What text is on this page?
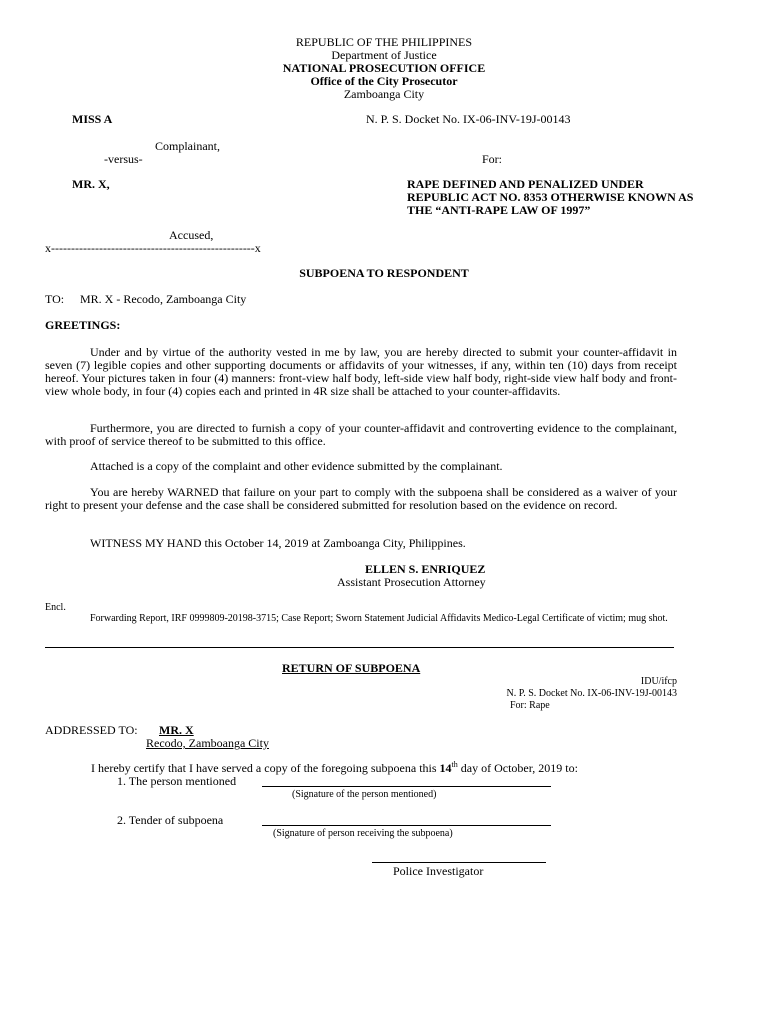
REPUBLIC OF THE PHILIPPINES
Department of Justice
NATIONAL PROSECUTION OFFICE
Office of the City Prosecutor
Zamboanga City
MISS A	N. P. S. Docket No. IX-06-INV-19J-00143
Complainant,
-versus-	For:
MR. X,	RAPE DEFINED AND PENALIZED UNDER REPUBLIC ACT NO. 8353 OTHERWISE KNOWN AS THE “ANTI-RAPE LAW OF 1997”
Accused,
x---------------------------------------------------x
SUBPOENA TO RESPONDENT
TO: MR. X - Recodo, Zamboanga City
GREETINGS:
Under and by virtue of the authority vested in me by law, you are hereby directed to submit your counter-affidavit in seven (7) legible copies and other supporting documents or affidavits of your witnesses, if any, within ten (10) days from receipt hereof. Your pictures taken in four (4) manners: front-view half body, left-side view half body, right-side view half body and front-view whole body, in four (4) copies each and printed in 4R size shall be attached to your counter-affidavits.
Furthermore, you are directed to furnish a copy of your counter-affidavit and controverting evidence to the complainant, with proof of service thereof to be submitted to this office.
Attached is a copy of the complaint and other evidence submitted by the complainant.
You are hereby WARNED that failure on your part to comply with the subpoena shall be considered as a waiver of your right to present your defense and the case shall be considered submitted for resolution based on the evidence on record.
WITNESS MY HAND this October 14, 2019 at Zamboanga City, Philippines.
ELLEN S. ENRIQUEZ
Assistant Prosecution Attorney
Encl.
Forwarding Report, IRF 0999809-20198-3715; Case Report; Sworn Statement Judicial Affidavits Medico-Legal Certificate of victim; mug shot.
RETURN OF SUBPOENA
IDU/ifcp
N. P. S. Docket No. IX-06-INV-19J-00143
For: Rape
ADDRESSED TO: MR. X
Recodo, Zamboanga City
I hereby certify that I have served a copy of the foregoing subpoena this 14th day of October, 2019 to:
1. The person mentioned
(Signature of the person mentioned)
2. Tender of subpoena
(Signature of person receiving the subpoena)
Police Investigator
